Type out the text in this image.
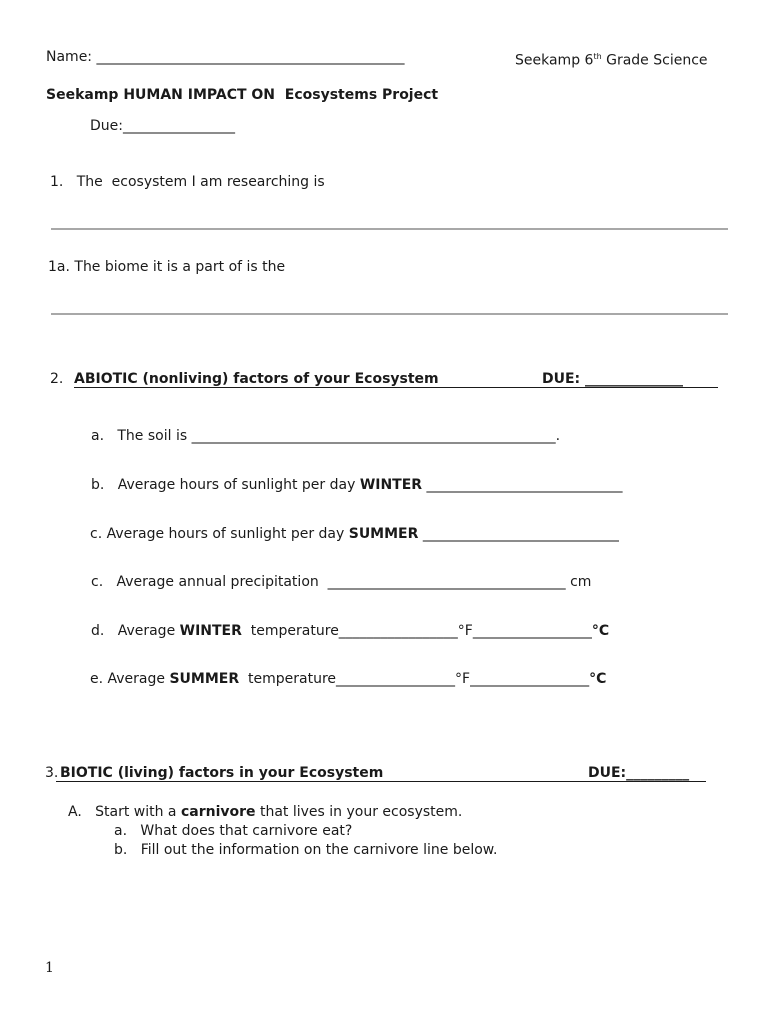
Name: ____________________________________________	Seekamp 6th Grade Science
Seekamp HUMAN IMPACT ON  Ecosystems Project
Due:________________
1.   The  ecosystem I am researching is
1a. The biome it is a part of is the
2. ABIOTIC (nonliving) factors of your Ecosystem	DUE: ______________
a.   The soil is ____________________________________________________.
b.   Average hours of sunlight per day WINTER ____________________________
c. Average hours of sunlight per day SUMMER ____________________________
c.   Average annual precipitation  __________________________________ cm
d.   Average WINTER  temperature_________________°F_________________°C
e. Average SUMMER  temperature_________________°F_________________°C
3. BIOTIC (living) factors in your Ecosystem	DUE:_________
A.   Start with a carnivore that lives in your ecosystem.
a.   What does that carnivore eat?
b.   Fill out the information on the carnivore line below.
1
